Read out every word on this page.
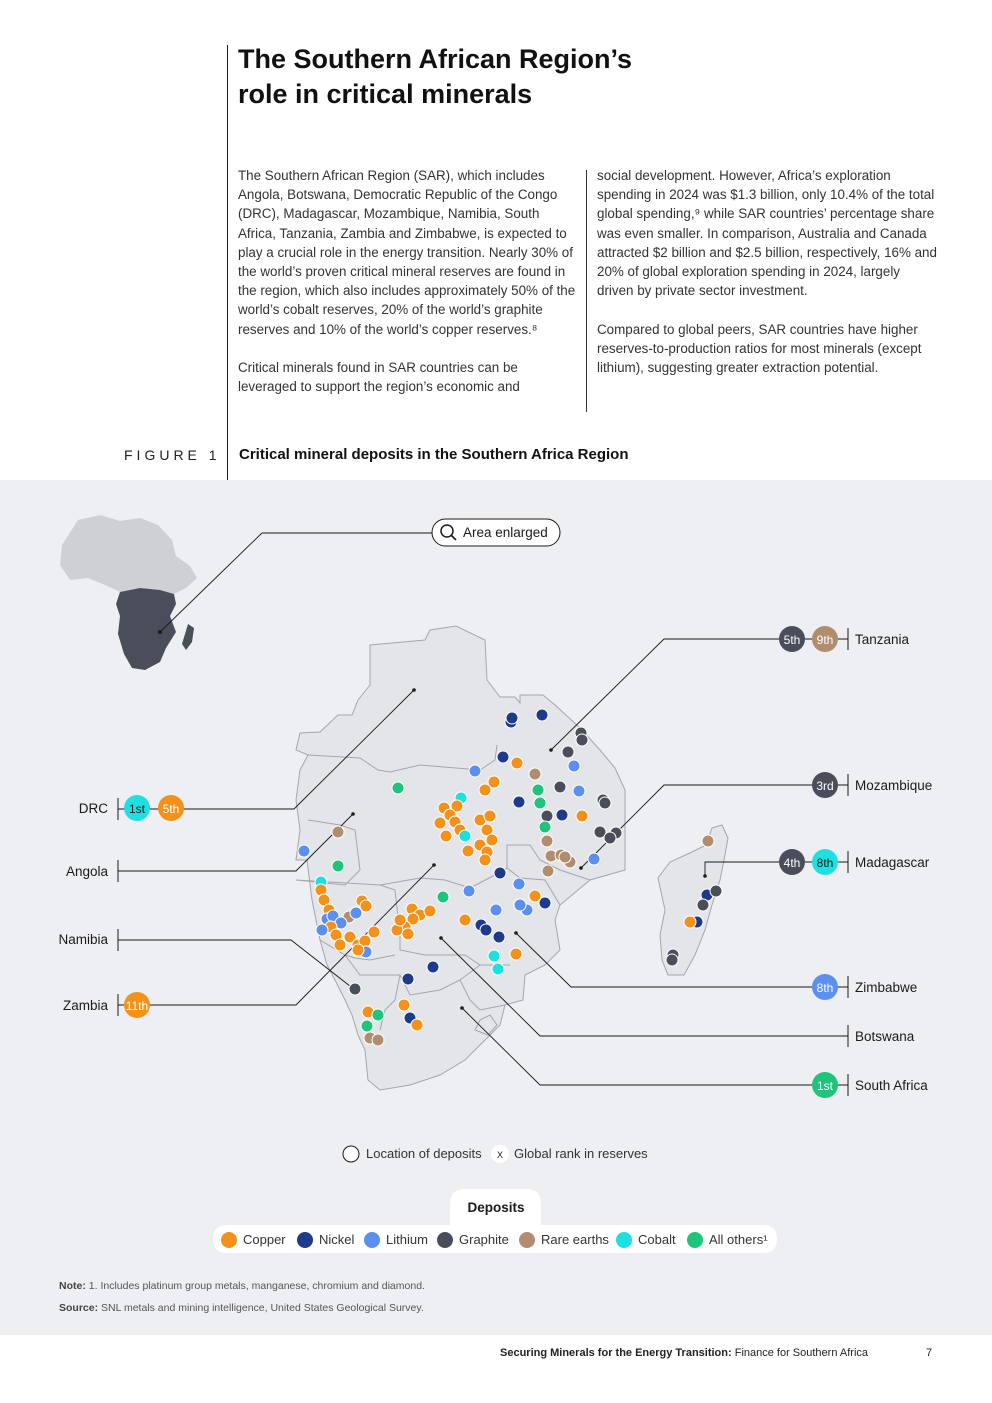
The Southern African Region’s
role in critical minerals

The Southern African Region (SAR), which includes Angola, Botswana, Democratic Republic of the Congo (DRC), Madagascar, Mozambique, Namibia, South Africa, Tanzania, Zambia and Zimbabwe, is expected to play a crucial role in the energy transition. Nearly 30% of the world’s proven critical mineral reserves are found in the region, which also includes approximately 50% of the world’s cobalt reserves, 20% of the world’s graphite reserves and 10% of the world’s copper reserves.⁸

Critical minerals found in SAR countries can be leveraged to support the region’s economic and

social development. However, Africa’s exploration spending in 2024 was $1.3 billion, only 10.4% of the total global spending,⁹ while SAR countries’ percentage share was even smaller. In comparison, Australia and Canada attracted $2 billion and $2.5 billion, respectively, 16% and 20% of global exploration spending in 2024, largely driven by private sector investment.

Compared to global peers, SAR countries have higher reserves-to-production ratios for most minerals (except lithium), suggesting greater extraction potential.

FIGURE 1 Critical mineral deposits in the Southern Africa Region
Area enlarged
5th 9th Tanzania
3rd Mozambique
4th 8th Madagascar
8th Zimbabwe
Botswana
1st South Africa
DRC 1st 5th
Angola
Namibia
Zambia 11th
Location of deposits X Global rank in reserves
Deposits
Copper	Nickel Lithium Graphite Rare earths Cobalt	All others¹
Note: 1. Includes platinum group metals, manganese, chromium and diamond.
Source: SNL metals and mining intelligence, United States Geological Survey.
Securing Minerals for the Energy Transition: Finance for Southern Africa	7
